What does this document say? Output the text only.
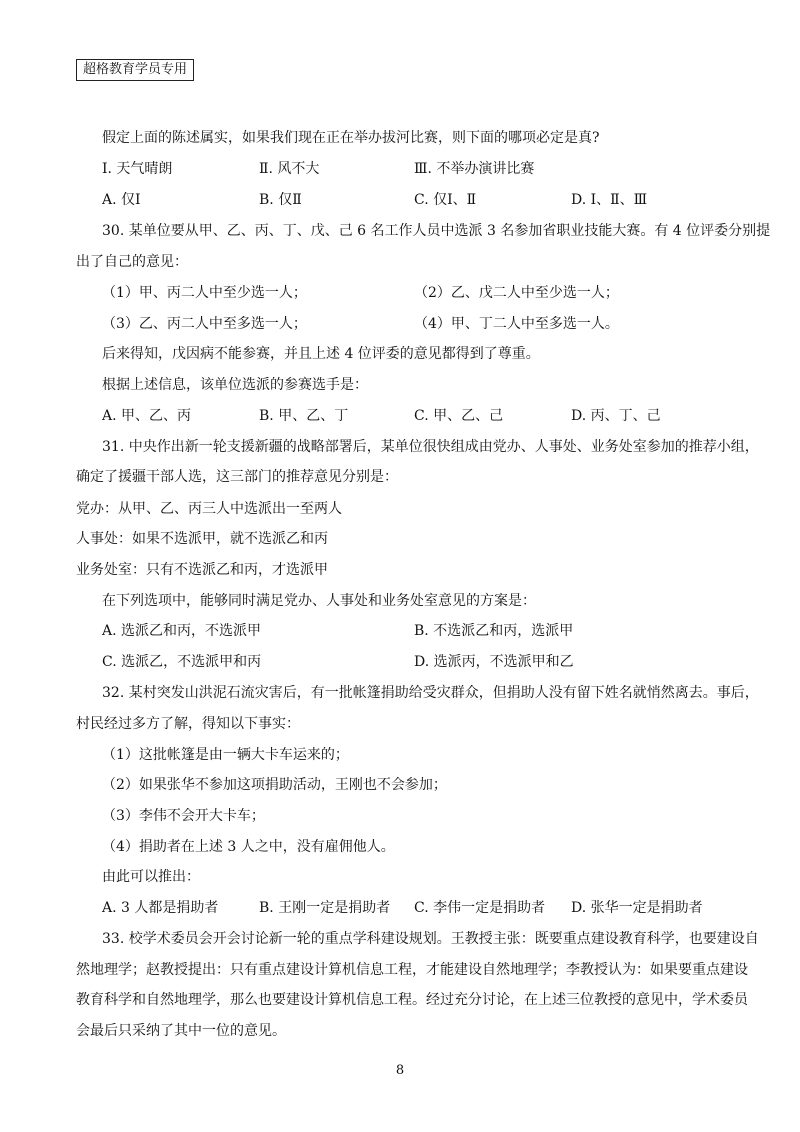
超格教育学员专用
假定上面的陈述属实，如果我们现在正在举办拔河比赛，则下面的哪项必定是真?
Ⅰ. 天气晴朗	Ⅱ. 风不大	Ⅲ. 不举办演讲比赛
A. 仅Ⅰ	B. 仅Ⅱ	C. 仅Ⅰ、Ⅱ	D. Ⅰ、Ⅱ、Ⅲ
30. 某单位要从甲、乙、丙、丁、戊、己 6 名工作人员中选派 3 名参加省职业技能大赛。有 4 位评委分别提
出了自己的意见：
（1）甲、丙二人中至少选一人；	（2）乙、戊二人中至少选一人；
（3）乙、丙二人中至多选一人；	（4）甲、丁二人中至多选一人。
后来得知，戊因病不能参赛，并且上述 4 位评委的意见都得到了尊重。
根据上述信息，该单位选派的参赛选手是：
A. 甲、乙、丙	B. 甲、乙、丁	C. 甲、乙、己	D. 丙、丁、己
31. 中央作出新一轮支援新疆的战略部署后，某单位很快组成由党办、人事处、业务处室参加的推荐小组，
确定了援疆干部人选，这三部门的推荐意见分别是：
党办：从甲、乙、丙三人中选派出一至两人
人事处：如果不选派甲，就不选派乙和丙
业务处室：只有不选派乙和丙，才选派甲
在下列选项中，能够同时满足党办、人事处和业务处室意见的方案是：
A. 选派乙和丙，不选派甲	B. 不选派乙和丙，选派甲
C. 选派乙，不选派甲和丙	D. 选派丙，不选派甲和乙
32. 某村突发山洪泥石流灾害后，有一批帐篷捐助给受灾群众，但捐助人没有留下姓名就悄然离去。事后，
村民经过多方了解，得知以下事实：
（1）这批帐篷是由一辆大卡车运来的；
（2）如果张华不参加这项捐助活动，王刚也不会参加；
（3）李伟不会开大卡车；
（4）捐助者在上述 3 人之中，没有雇佣他人。
由此可以推出：
A. 3 人都是捐助者	B. 王刚一定是捐助者 C. 李伟一定是捐助者 D. 张华一定是捐助者
33. 校学术委员会开会讨论新一轮的重点学科建设规划。王教授主张：既要重点建设教育科学，也要建设自
然地理学；赵教授提出：只有重点建设计算机信息工程，才能建设自然地理学；李教授认为：如果要重点建设
教育科学和自然地理学，那么也要建设计算机信息工程。经过充分讨论，在上述三位教授的意见中，学术委员
会最后只采纳了其中一位的意见。
8
